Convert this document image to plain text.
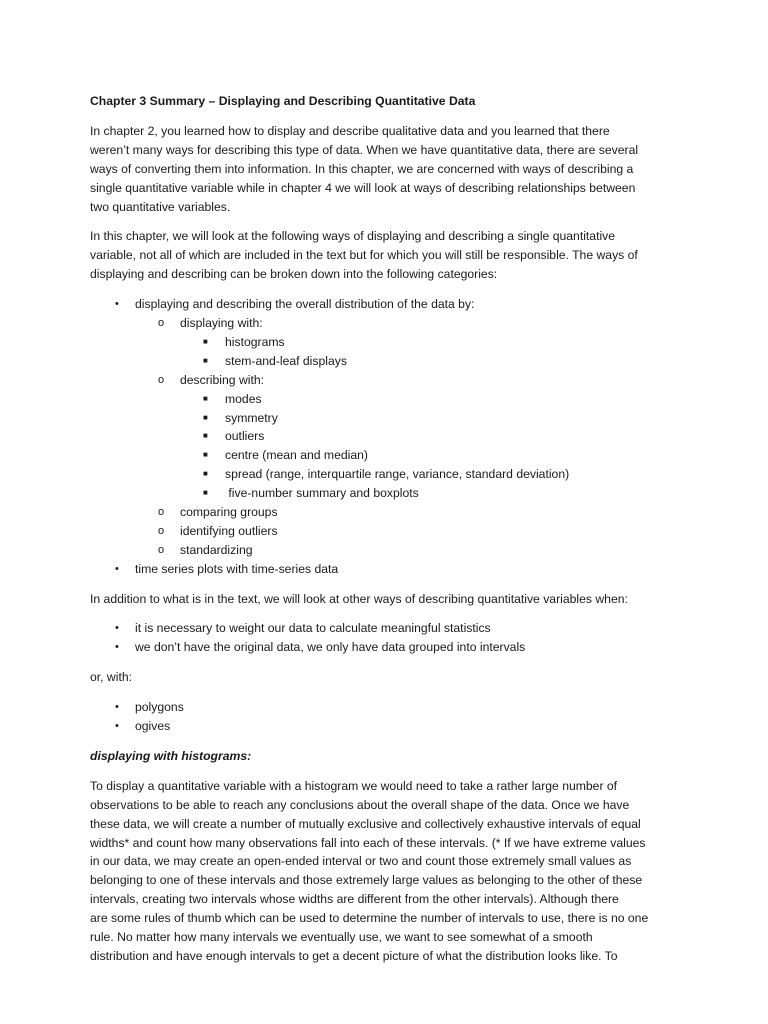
Chapter 3 Summary – Displaying and Describing Quantitative Data
In chapter 2, you learned how to display and describe qualitative data and you learned that there
weren’t many ways for describing this type of data. When we have quantitative data, there are several
ways of converting them into information. In this chapter, we are concerned with ways of describing a
single quantitative variable while in chapter 4 we will look at ways of describing relationships between
two quantitative variables.
In this chapter, we will look at the following ways of displaying and describing a single quantitative
variable, not all of which are included in the text but for which you will still be responsible. The ways of
displaying and describing can be broken down into the following categories:
• displaying and describing the overall distribution of the data by:
o displaying with:
■ histograms
■ stem-and-leaf displays
o describing with:
■ modes
■ symmetry
■ outliers
■ centre (mean and median)
■ spread (range, interquartile range, variance, standard deviation)
■ five-number summary and boxplots
o comparing groups
o identifying outliers
o standardizing
• time series plots with time-series data
In addition to what is in the text, we will look at other ways of describing quantitative variables when:
• it is necessary to weight our data to calculate meaningful statistics
• we don’t have the original data, we only have data grouped into intervals
or, with:
• polygons
• ogives
displaying with histograms:
To display a quantitative variable with a histogram we would need to take a rather large number of
observations to be able to reach any conclusions about the overall shape of the data. Once we have
these data, we will create a number of mutually exclusive and collectively exhaustive intervals of equal
widths* and count how many observations fall into each of these intervals. (* If we have extreme values
in our data, we may create an open-ended interval or two and count those extremely small values as
belonging to one of these intervals and those extremely large values as belonging to the other of these
intervals, creating two intervals whose widths are different from the other intervals). Although there
are some rules of thumb which can be used to determine the number of intervals to use, there is no one
rule. No matter how many intervals we eventually use, we want to see somewhat of a smooth
distribution and have enough intervals to get a decent picture of what the distribution looks like. To
